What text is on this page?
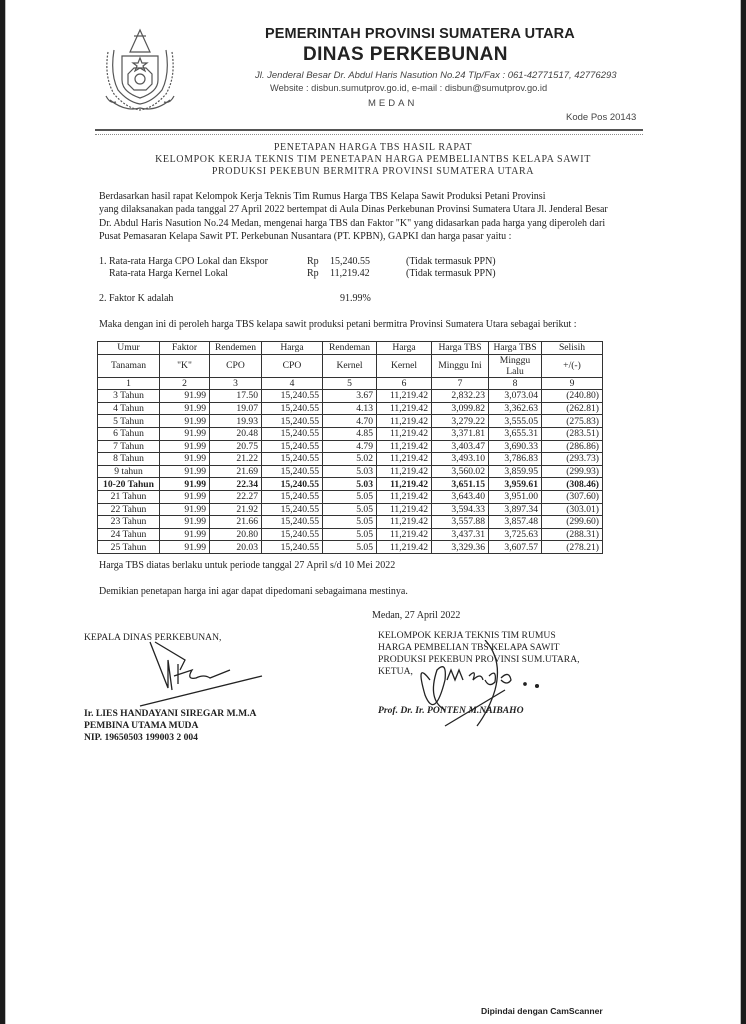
PEMERINTAH PROVINSI SUMATERA UTARA
DINAS PERKEBUNAN
Jl. Jenderal Besar Dr. Abdul Haris Nasution No.24 Tlp/Fax : 061-42771517, 42776293
Website : disbun.sumutprov.go.id, e-mail : disbun@sumutprov.go.id
MEDAN
Kode Pos 20143
PENETAPAN HARGA TBS HASIL RAPAT
KELOMPOK KERJA TEKNIS TIM PENETAPAN HARGA PEMBELIANTBS KELAPA SAWIT
PRODUKSI PEKEBUN BERMITRA PROVINSI SUMATERA UTARA
Berdasarkan hasil rapat Kelompok Kerja Teknis Tim Rumus Harga TBS Kelapa Sawit Produksi Petani Provinsi
yang dilaksanakan pada tanggal 27 April 2022 bertempat di Aula Dinas Perkebunan Provinsi Sumatera Utara Jl. Jenderal Besar
Dr. Abdul Haris Nasution No.24 Medan, mengenai harga TBS dan Faktor "K" yang didasarkan pada harga yang diperoleh dari
Pusat Pemasaran Kelapa Sawit PT. Perkebunan Nusantara (PT. KPBN), GAPKI dan harga pasar yaitu :
1. Rata-rata Harga CPO Lokal dan Ekspor	Rp 15,240.55	(Tidak termasuk PPN)
Rata-rata Harga Kernel Lokal	Rp 11,219.42	(Tidak termasuk PPN)
2. Faktor K adalah	91.99%
Maka dengan ini di peroleh harga TBS kelapa sawit produksi petani bermitra Provinsi Sumatera Utara sebagai berikut :
Umur	Faktor	Rendemen	Harga	Rendeman	Harga	Harga TBS	Harga TBS	Selisih
Tanaman	"K"	CPO	CPO	Kernel	Kernel	Minggu Ini	Minggu Lalu	+/(-)
1	2	3	4	5	6	7	8	9
3 Tahun	91.99	17.50	15,240.55	3.67	11,219.42	2,832.23	3,073.04	(240.80)
4 Tahun	91.99	19.07	15,240.55	4.13	11,219.42	3,099.82	3,362.63	(262.81)
5 Tahun	91.99	19.93	15,240.55	4.70	11,219.42	3,279.22	3,555.05	(275.83)
6 Tahun	91.99	20.48	15,240.55	4.85	11,219.42	3,371.81	3,655.31	(283.51)
7 Tahun	91.99	20.75	15,240.55	4.79	11,219.42	3,403.47	3,690.33	(286.86)
8 Tahun	91.99	21.22	15,240.55	5.02	11,219.42	3,493.10	3,786.83	(293.73)
9 tahun	91.99	21.69	15,240.55	5.03	11,219.42	3,560.02	3,859.95	(299.93)
10-20 Tahun	91.99	22.34	15,240.55	5.03	11,219.42	3,651.15	3,959.61	(308.46)
21 Tahun	91.99	22.27	15,240.55	5.05	11,219.42	3,643.40	3,951.00	(307.60)
22 Tahun	91.99	21.92	15,240.55	5.05	11,219.42	3,594.33	3,897.34	(303.01)
23 Tahun	91.99	21.66	15,240.55	5.05	11,219.42	3,557.88	3,857.48	(299.60)
24 Tahun	91.99	20.80	15,240.55	5.05	11,219.42	3,437.31	3,725.63	(288.31)
25 Tahun	91.99	20.03	15,240.55	5.05	11,219.42	3,329.36	3,607.57	(278.21)
Harga TBS diatas berlaku untuk periode tanggal 27 April s/d 10 Mei 2022
Demikian penetapan harga ini agar dapat dipedomani sebagaimana mestinya.
Medan, 27 April 2022
KEPALA DINAS PERKEBUNAN,
Ir. LIES HANDAYANI SIREGAR M.M.A
PEMBINA UTAMA MUDA
NIP. 19650503 199003 2 004
KELOMPOK KERJA TEKNIS TIM RUMUS
HARGA PEMBELIAN TBS KELAPA SAWIT
PRODUKSI PEKEBUN PROVINSI SUM.UTARA,
KETUA,
Prof. Dr. Ir. PONTEN M.NAIBAHO
Dipindai dengan CamScanner
